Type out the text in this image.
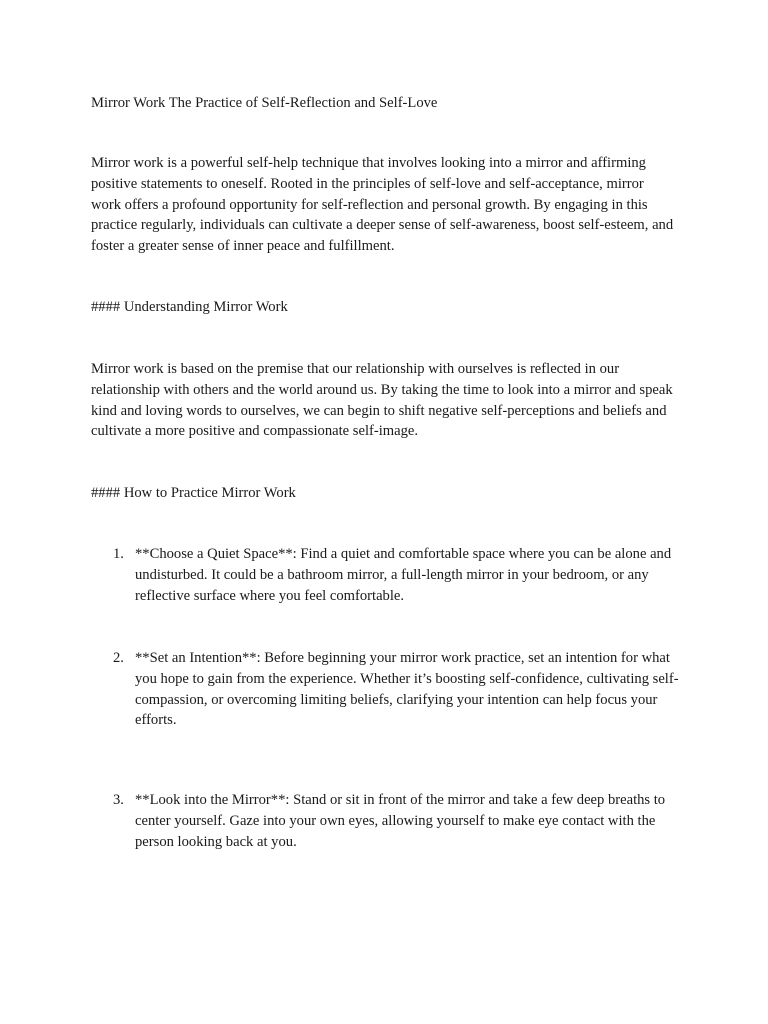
Mirror Work The Practice of Self-Reflection and Self-Love

Mirror work is a powerful self-help technique that involves looking into a mirror and affirming positive statements to oneself. Rooted in the principles of self-love and self-acceptance, mirror work offers a profound opportunity for self-reflection and personal growth. By engaging in this practice regularly, individuals can cultivate a deeper sense of self-awareness, boost self-esteem, and foster a greater sense of inner peace and fulfillment.

#### Understanding Mirror Work

Mirror work is based on the premise that our relationship with ourselves is reflected in our relationship with others and the world around us. By taking the time to look into a mirror and speak kind and loving words to ourselves, we can begin to shift negative self-perceptions and beliefs and cultivate a more positive and compassionate self-image.

#### How to Practice Mirror Work

1. **Choose a Quiet Space**: Find a quiet and comfortable space where you can be alone and undisturbed. It could be a bathroom mirror, a full-length mirror in your bedroom, or any reflective surface where you feel comfortable.
2. **Set an Intention**: Before beginning your mirror work practice, set an intention for what you hope to gain from the experience. Whether it’s boosting self-confidence, cultivating self-compassion, or overcoming limiting beliefs, clarifying your intention can help focus your efforts.
3. **Look into the Mirror**: Stand or sit in front of the mirror and take a few deep breaths to center yourself. Gaze into your own eyes, allowing yourself to make eye contact with the person looking back at you.
